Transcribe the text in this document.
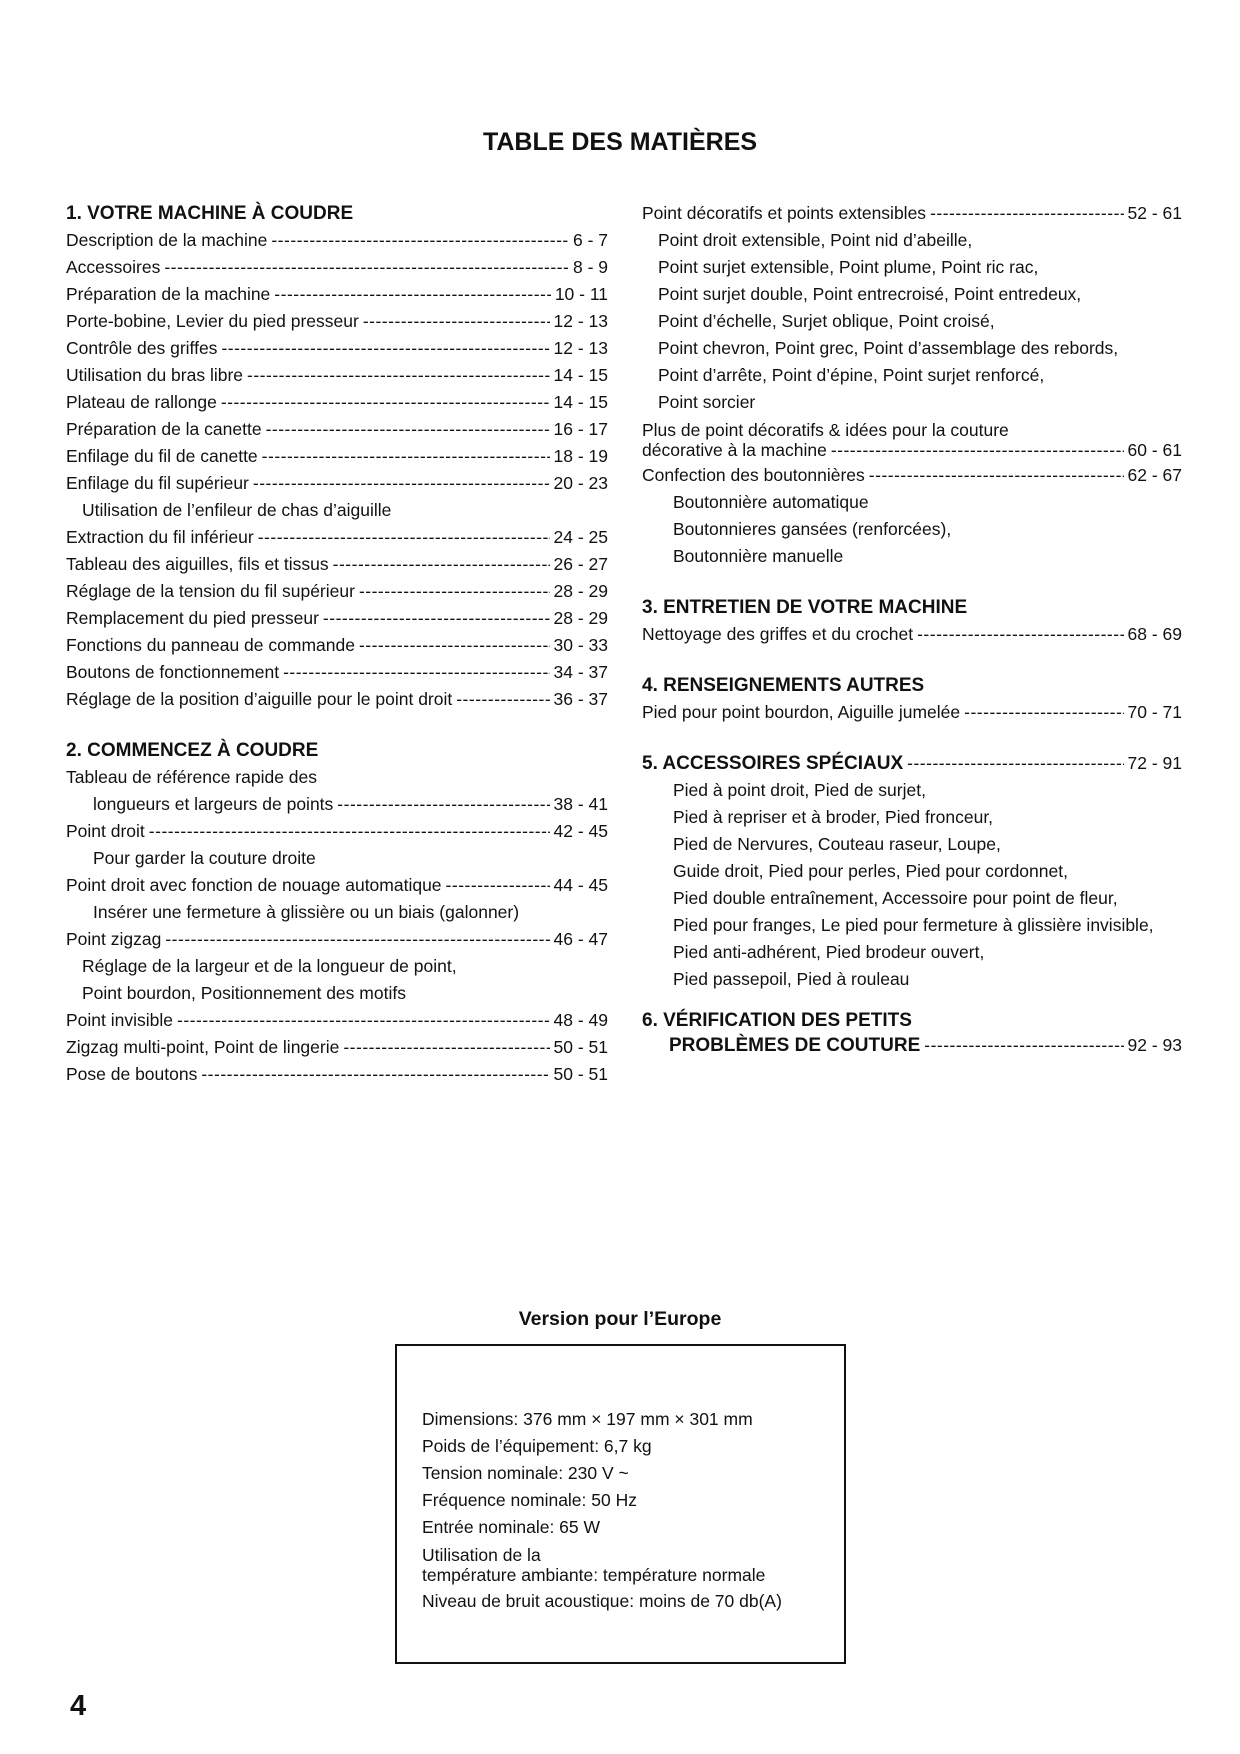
TABLE DES MATIÈRES
1. VOTRE MACHINE À COUDRE
Description de la machine -----	6 - 7
Accessoires -----	8 - 9
Préparation de la machine -----	10 - 11
Porte-bobine, Levier du pied presseur -----	12 - 13
Contrôle des griffes -----	12 - 13
Utilisation du bras libre -----	14 - 15
Plateau de rallonge -----	14 - 15
Préparation de la canette -----	16 - 17
Enfilage du fil de canette -----	18 - 19
Enfilage du fil supérieur -----	20 - 23
Utilisation de l’enfileur de chas d’aiguille
Extraction du fil inférieur -----	24 - 25
Tableau des aiguilles, fils et tissus -----	26 - 27
Réglage de la tension du fil supérieur -----	28 - 29
Remplacement du pied presseur -----	28 - 29
Fonctions du panneau de commande -----	30 - 33
Boutons de fonctionnement -----	34 - 37
Réglage de la position d’aiguille pour le point droit -----	36 - 37
2. COMMENCEZ À COUDRE
Tableau de référence rapide des
longueurs et largeurs de points -----	38 - 41
Point droit -----	42 - 45
Pour garder la couture droite
Point droit avec fonction de nouage automatique -----	44 - 45
Insérer une fermeture à glissière ou un biais (galonner)
Point zigzag -----	46 - 47
Réglage de la largeur et de la longueur de point,
Point bourdon, Positionnement des motifs
Point invisible -----	48 - 49
Zigzag multi-point, Point de lingerie -----	50 - 51
Pose de boutons -----	50 - 51
Point décoratifs et points extensibles -----	52 - 61
Point droit extensible, Point nid d’abeille,
Point surjet extensible, Point plume, Point ric rac,
Point surjet double, Point entrecroisé, Point entredeux,
Point d’échelle, Surjet oblique, Point croisé,
Point chevron, Point grec, Point d’assemblage des rebords,
Point d’arrête, Point d’épine, Point surjet renforcé,
Point sorcier
Plus de point décoratifs & idées pour la couture
décorative à la machine -----	60 - 61
Confection des boutonnières -----	62 - 67
Boutonnière automatique
Boutonnieres gansées (renforcées),
Boutonnière manuelle
3. ENTRETIEN DE VOTRE MACHINE
Nettoyage des griffes et du crochet -----	68 - 69
4. RENSEIGNEMENTS AUTRES
Pied pour point bourdon, Aiguille jumelée -----	70 - 71
5. ACCESSOIRES SPÉCIAUX -----	72 - 91
Pied à point droit, Pied de surjet,
Pied à repriser et à broder, Pied fronceur,
Pied de Nervures, Couteau raseur, Loupe,
Guide droit, Pied pour perles, Pied pour cordonnet,
Pied double entraînement, Accessoire pour point de fleur,
Pied pour franges, Le pied pour fermeture à glissière invisible,
Pied anti-adhérent, Pied brodeur ouvert,
Pied passepoil, Pied à rouleau
6. VÉRIFICATION DES PETITS
PROBLÈMES DE COUTURE -----	92 - 93
Version pour l’Europe
Dimensions: 376 mm × 197 mm × 301 mm
Poids de l’équipement: 6,7 kg
Tension nominale: 230 V ~
Fréquence nominale: 50 Hz
Entrée nominale: 65 W
Utilisation de la
température ambiante: température normale
Niveau de bruit acoustique: moins de 70 db(A)
4
